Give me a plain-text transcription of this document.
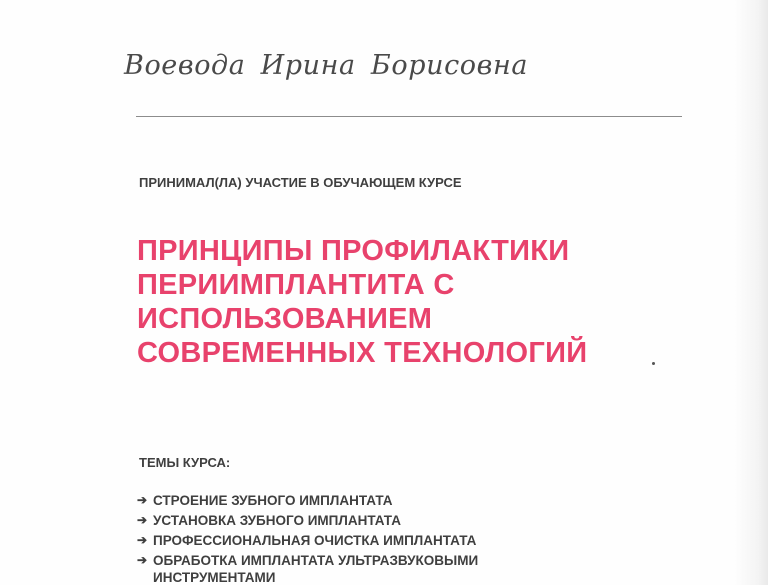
Воевода Ирина Борисовна
ПРИНИМАЛ(ЛА) УЧАСТИЕ В ОБУЧАЮЩЕМ КУРСЕ
ПРИНЦИПЫ ПРОФИЛАКТИКИ
ПЕРИИМПЛАНТИТА С
ИСПОЛЬЗОВАНИЕМ
СОВРЕМЕННЫХ ТЕХНОЛОГИЙ
ТЕМЫ КУРСА:
➔ СТРОЕНИЕ ЗУБНОГО ИМПЛАНТАТА
➔ УСТАНОВКА ЗУБНОГО ИМПЛАНТАТА
➔ ПРОФЕССИОНАЛЬНАЯ ОЧИСТКА ИМПЛАНТАТА
➔ ОБРАБОТКА ИМПЛАНТАТА УЛЬТРАЗВУКОВЫМИ ИНСТРУМЕНТАМИ
